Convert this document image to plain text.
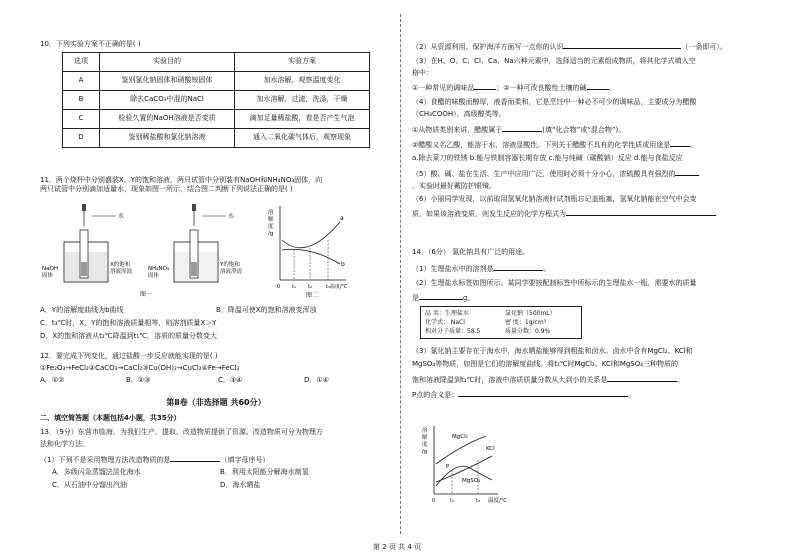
10．下列实验方案不正确的是( )

选项	实验目的	实验方案
A	鉴别氯化钠固体和硝酸铵固体	加水溶解，观察温度变化
B	除去CaCO₃中混的NaCl	加水溶解，过滤，洗涤，干燥
C	检验久置的NaOH溶液是否变质	滴加足量稀盐酸，看是否产生气泡
D	鉴别稀盐酸和氯化钠溶液	通入二氧化碳气体后，观察现象

11．两个烧杯中分别盛装X、Y的饱和溶液，两只试管中分别装有NaOH和NH₄NO₃固体，向

两只试管中分别滴加适量水，现象如图一所示，结合图二判断下列说法正确的是( )

水
NaOH
固体
X的饱和
溶液浑浊
水
NH₄NO₃
固体
Y的饱和
溶液澄清
图一
溶
解
度
/g
a
b
0 t₁ t₂	t₃ 温度/℃
图二

A．Y的溶解度曲线为b曲线	B．降温可使X的饱和溶液变浑浊

C．t₃℃时，X、Y的饱和溶液质量相等，则溶剂质量X＞Y

D．X的饱和溶液从t₂℃降温到t₁℃，溶质的质量分数变大

12．要完成下列变化，通过盐酸一步反应就能实现的是( )

①Fe₂O₃→FeCl₂②CaCO₃→CaCl₂③Cu(OH)₂→CuCl₂④Fe→FeCl₃

A．①②	B．②③	C．③④	D．①④

第Ⅱ卷（非选择题 共60分）

二、填空简答题（本题包括4小题，共35分）

13．（9分）东营市临海，为我们生产、提取、改造物质提供了资源。改造物质可分为物理方

法和化学方法。

（1）下列不是采用物理方法改造物质的是	（填字母序号）

A．多级闪急蒸馏法淡化海水	B．利用太阳能分解海水制氢

C．从石油中分馏出汽油	D．海水晒盐

（2）从资源利用、保护海洋方面写一点你的认识	（一条即可）。

（3）在H、O、C、Cl、Ca、Na六种元素中，选择适当的元素组成物质，将其化学式填入空

格中：

①一种常见的调味品	；②一种可改良酸性土壤的碱	。

（4）食醋的味酸而醇厚，液香而柔和，它是烹饪中一种必不可少的调味品，主要成分为醋酸

（CH₃COOH），高级醇类等。

①从物质类别来讲，醋酸属于	(填“化合物”或“混合物”)。

②醋酸又名乙酸，能溶于水，溶液显酸性。下列关于醋酸不具有的化学性质或用途是	。

a.除去菜刀的铁锈 b.能与铁制容器长期存放 c.能与纯碱（碳酸钠）反应 d.能与食盐反应

（5）酸、碱、盐在生活、生产中应用广泛，使用时必须十分小心，浓硫酸具有强烈的

，实验时最好戴防护眼镜。

（6）小丽同学发现，以前取用氢氧化钠溶液时试剂瓶忘记盖瓶塞，氢氧化钠能在空气中会变

质，如果该溶液变质，则发生反应的化学方程式为

14．（6分） 氯化钠具有广泛的用途。

（1）生理盐水中的溶剂是	。

（2）生理盐水标签如图所示。某同学要按配制标签中所标示的生理盐水一瓶，需要水的质量

是	g。

品 名：生理盐水	氯化钠（500mL）
化学式： NaCl	密 度：1g/cm³
相对分子质量：58.5	质量分数：0.9%

（3）氯化钠主要存在于海水中，海水晒盐能够得到粗盐和卤水。卤水中含有MgCl₂、KCl和

MgSO₄等物质，如图是它们的溶解度曲线。将t₂℃时MgCl₂、KCl和MgSO₄三种物质的

饱和溶液降温到t₁℃时，溶液中溶质质量分数从大到小的关系是	。

P点的含义是：	。

溶
解
度
/g
MgCl₂
KCl
MgSO₄
P
0	t₁	t₂ 温度/℃
第 2 页 共 4 页
